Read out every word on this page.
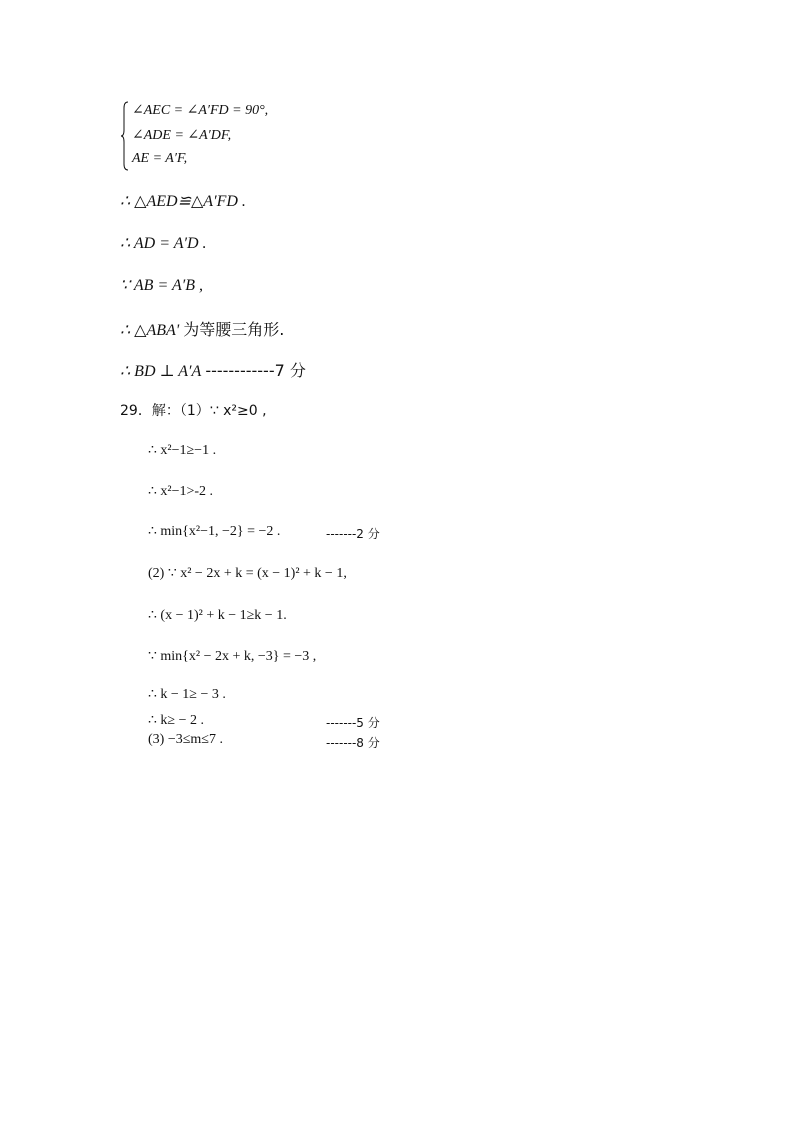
∠AEC = ∠A′FD = 90°,
∠ADE = ∠A′DF,
AE = A′F,
∴ △AED≌△A′FD .
∴ AD = A′D .
∵ AB = A′B ,
∴ △ABA' 为等腰三角形.
∴ BD ⊥ A′A ------------7 分
29．解：（1）∵ x²≥0 ,
∴ x²−1≥−1 .
∴ x²−1>-2 .
∴ min{x²−1, −2} = −2 .	-------2 分
(2) ∵ x² − 2x + k = (x − 1)² + k − 1,
∴ (x − 1)² + k − 1≥k − 1.
∵ min{x² − 2x + k, −3} = −3 ,
∴ k − 1≥ − 3 .
∴ k≥ − 2 .	-------5 分
(3) −3≤m≤7 .	-------8 分
